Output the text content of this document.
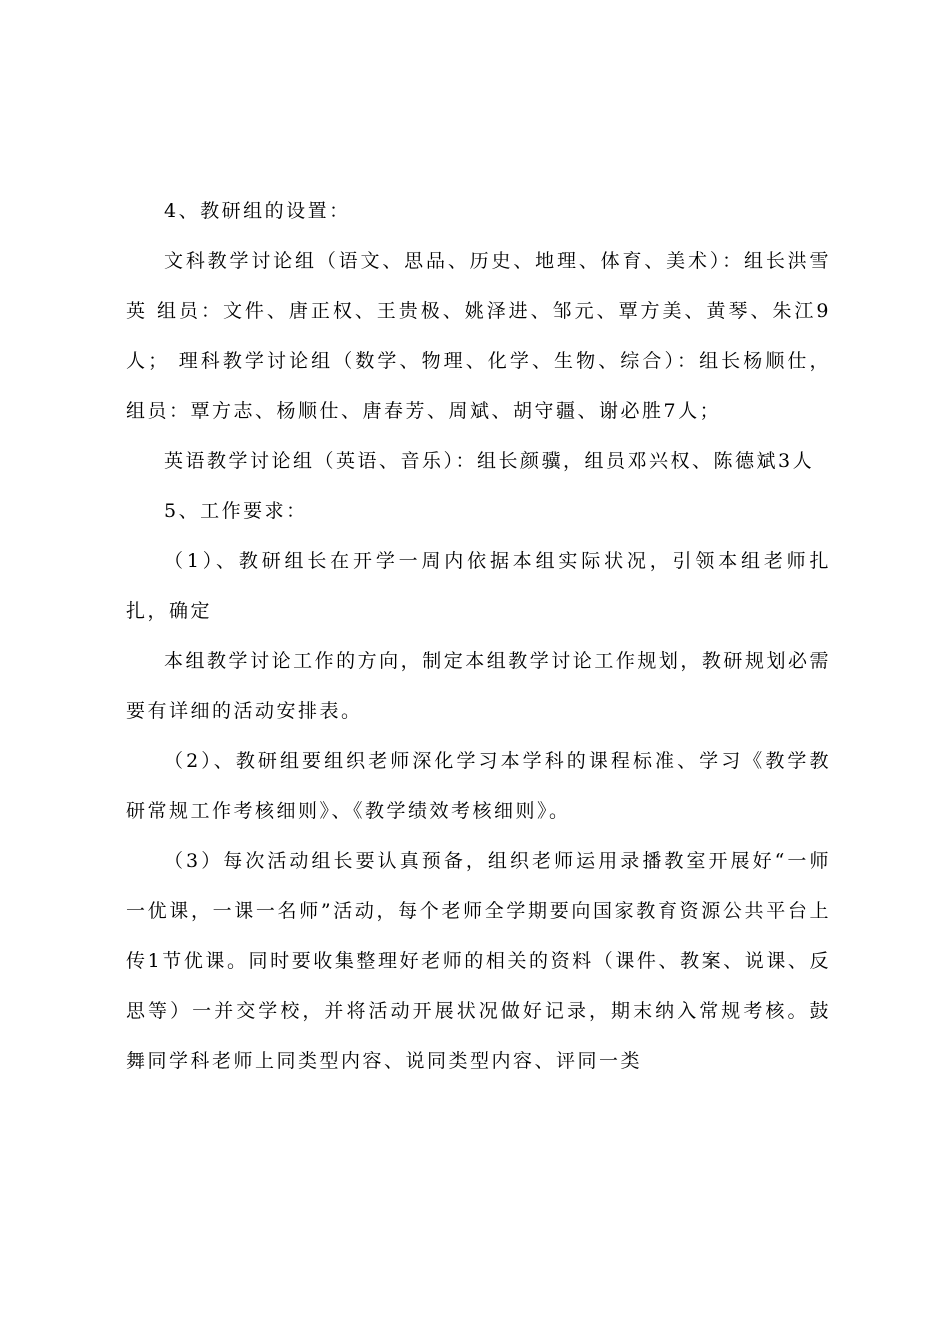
4、教研组的设置：

文科教学讨论组（语文、思品、历史、地理、体育、美术）：组长洪雪英 组员：文件、唐正权、王贵极、姚泽进、邹元、覃方美、黄琴、朱江9人； 理科教学讨论组（数学、物理、化学、生物、综合）：组长杨顺仕，组员：覃方志、杨顺仕、唐春芳、周斌、胡守疆、谢必胜7人；

英语教学讨论组（英语、音乐）：组长颜骥，组员邓兴权、陈德斌3人

5、工作要求：

（1）、教研组长在开学一周内依据本组实际状况，引领本组老师扎扎，确定

本组教学讨论工作的方向，制定本组教学讨论工作规划，教研规划必需要有详细的活动安排表。

（2）、教研组要组织老师深化学习本学科的课程标准、学习《教学教研常规工作考核细则》、《教学绩效考核细则》。

（3）每次活动组长要认真预备，组织老师运用录播教室开展好“一师一优课，一课一名师”活动，每个老师全学期要向国家教育资源公共平台上传1节优课。同时要收集整理好老师的相关的资料（课件、教案、说课、反思等）一并交学校，并将活动开展状况做好记录，期末纳入常规考核。鼓舞同学科老师上同类型内容、说同类型内容、评同一类
